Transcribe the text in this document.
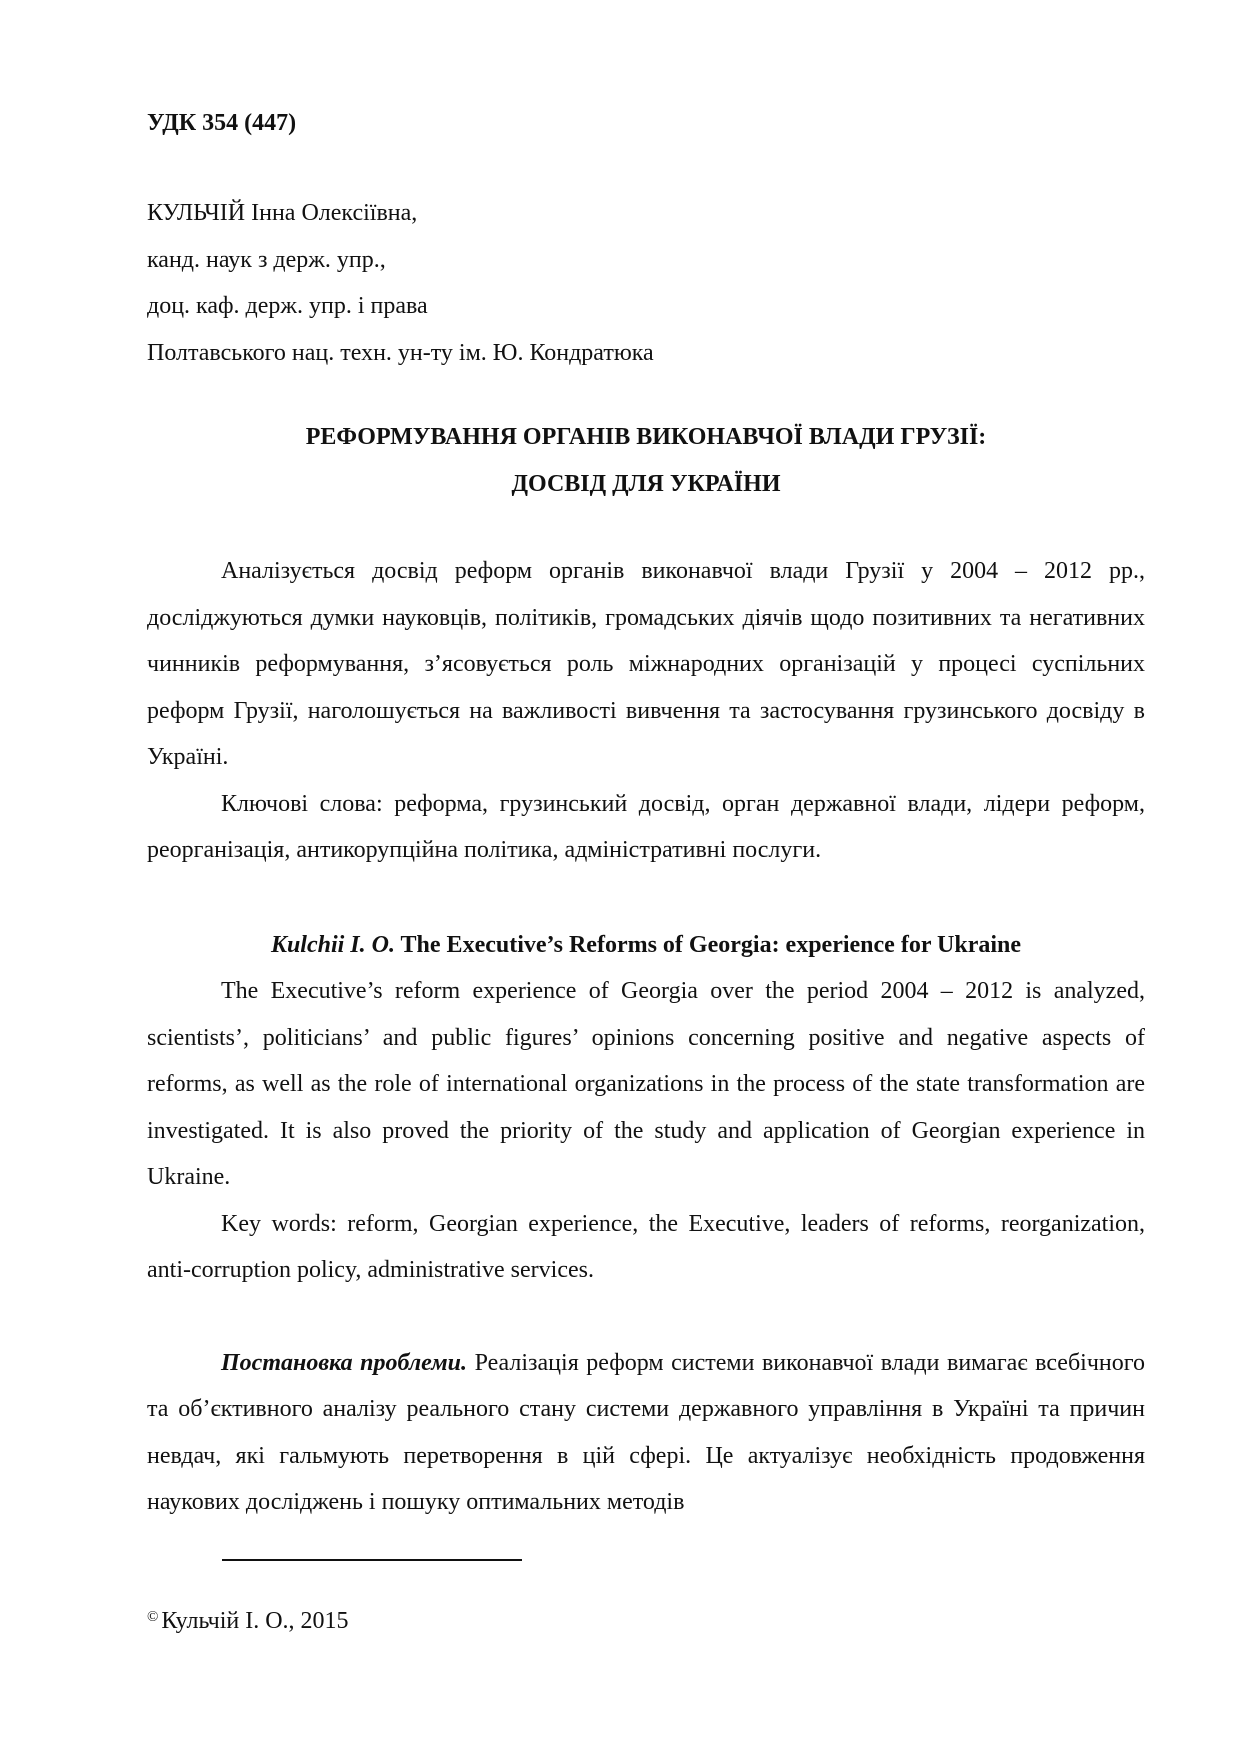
УДК 354 (447)

КУЛЬЧІЙ Інна Олексіївна,
канд. наук з держ. упр.,
доц. каф. держ. упр. і права
Полтавського нац. техн. ун-ту ім. Ю. Кондратюка
РЕФОРМУВАННЯ ОРГАНІВ ВИКОНАВЧОЇ ВЛАДИ ГРУЗІЇ:
ДОСВІД ДЛЯ УКРАЇНИ

Аналізується досвід реформ органів виконавчої влади Грузії у 2004 – 2012 рр., досліджуються думки науковців, політиків, громадських діячів щодо позитивних та негативних чинників реформування, з’ясовується роль міжнародних організацій у процесі суспільних реформ Грузії, наголошується на важливості вивчення та застосування грузинського досвіду в Україні.

Ключові слова: реформа, грузинський досвід, орган державної влади, лідери реформ, реорганізація, антикорупційна політика, адміністративні послуги.

Kulchii I. O. The Executive’s Reforms of Georgia: experience for Ukraine

The Executive’s reform experience of Georgia over the period 2004 – 2012 is analyzed, scientists’, politicians’ and public figures’ opinions concerning positive and negative aspects of reforms, as well as the role of international organizations in the process of the state transformation are investigated. It is also proved the priority of the study and application of Georgian experience in Ukraine.

Key words: reform, Georgian experience, the Executive, leaders of reforms, reorganization, anti-corruption policy, administrative services.

Постановка проблеми. Реалізація реформ системи виконавчої влади вимагає всебічного та об’єктивного аналізу реального стану системи державного управління в Україні та причин невдач, які гальмують перетворення в цій сфері. Це актуалізує необхідність продовження наукових досліджень і пошуку оптимальних методів

© Кульчій І. О., 2015
